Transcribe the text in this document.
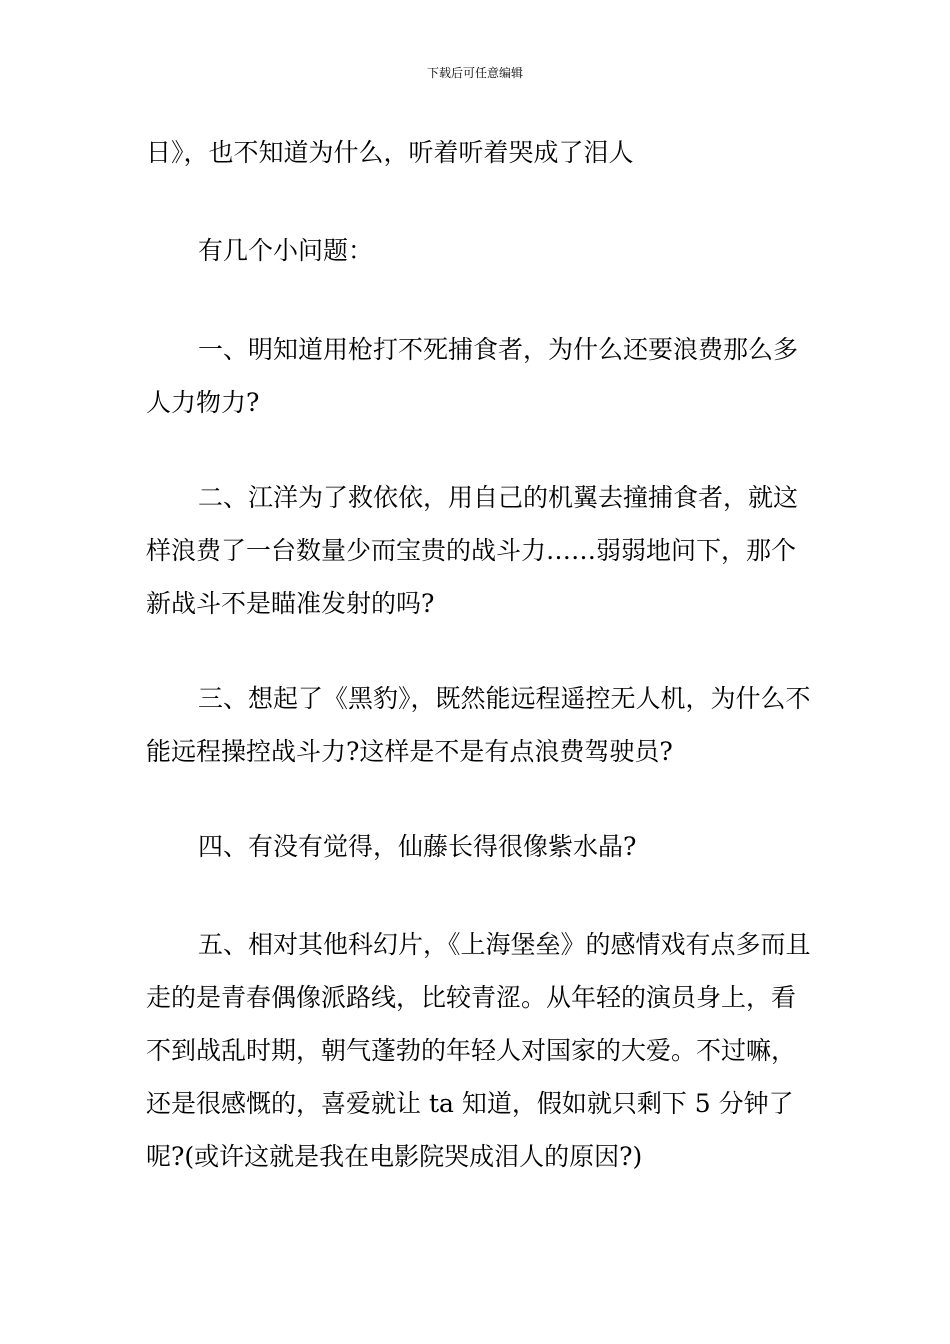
下载后可任意编辑

日》，也不知道为什么，听着听着哭成了泪人

有几个小问题：

一、明知道用枪打不死捕食者，为什么还要浪费那么多人力物力?

二、江洋为了救依依，用自己的机翼去撞捕食者，就这样浪费了一台数量少而宝贵的战斗力……弱弱地问下，那个新战斗不是瞄准发射的吗?

三、想起了《黑豹》，既然能远程遥控无人机，为什么不能远程操控战斗力?这样是不是有点浪费驾驶员?

四、有没有觉得，仙藤长得很像紫水晶?

五、相对其他科幻片，《上海堡垒》的感情戏有点多而且走的是青春偶像派路线，比较青涩。从年轻的演员身上，看不到战乱时期，朝气蓬勃的年轻人对国家的大爱。不过嘛，还是很感慨的，喜爱就让 ta 知道，假如就只剩下 5 分钟了呢?(或许这就是我在电影院哭成泪人的原因?)
